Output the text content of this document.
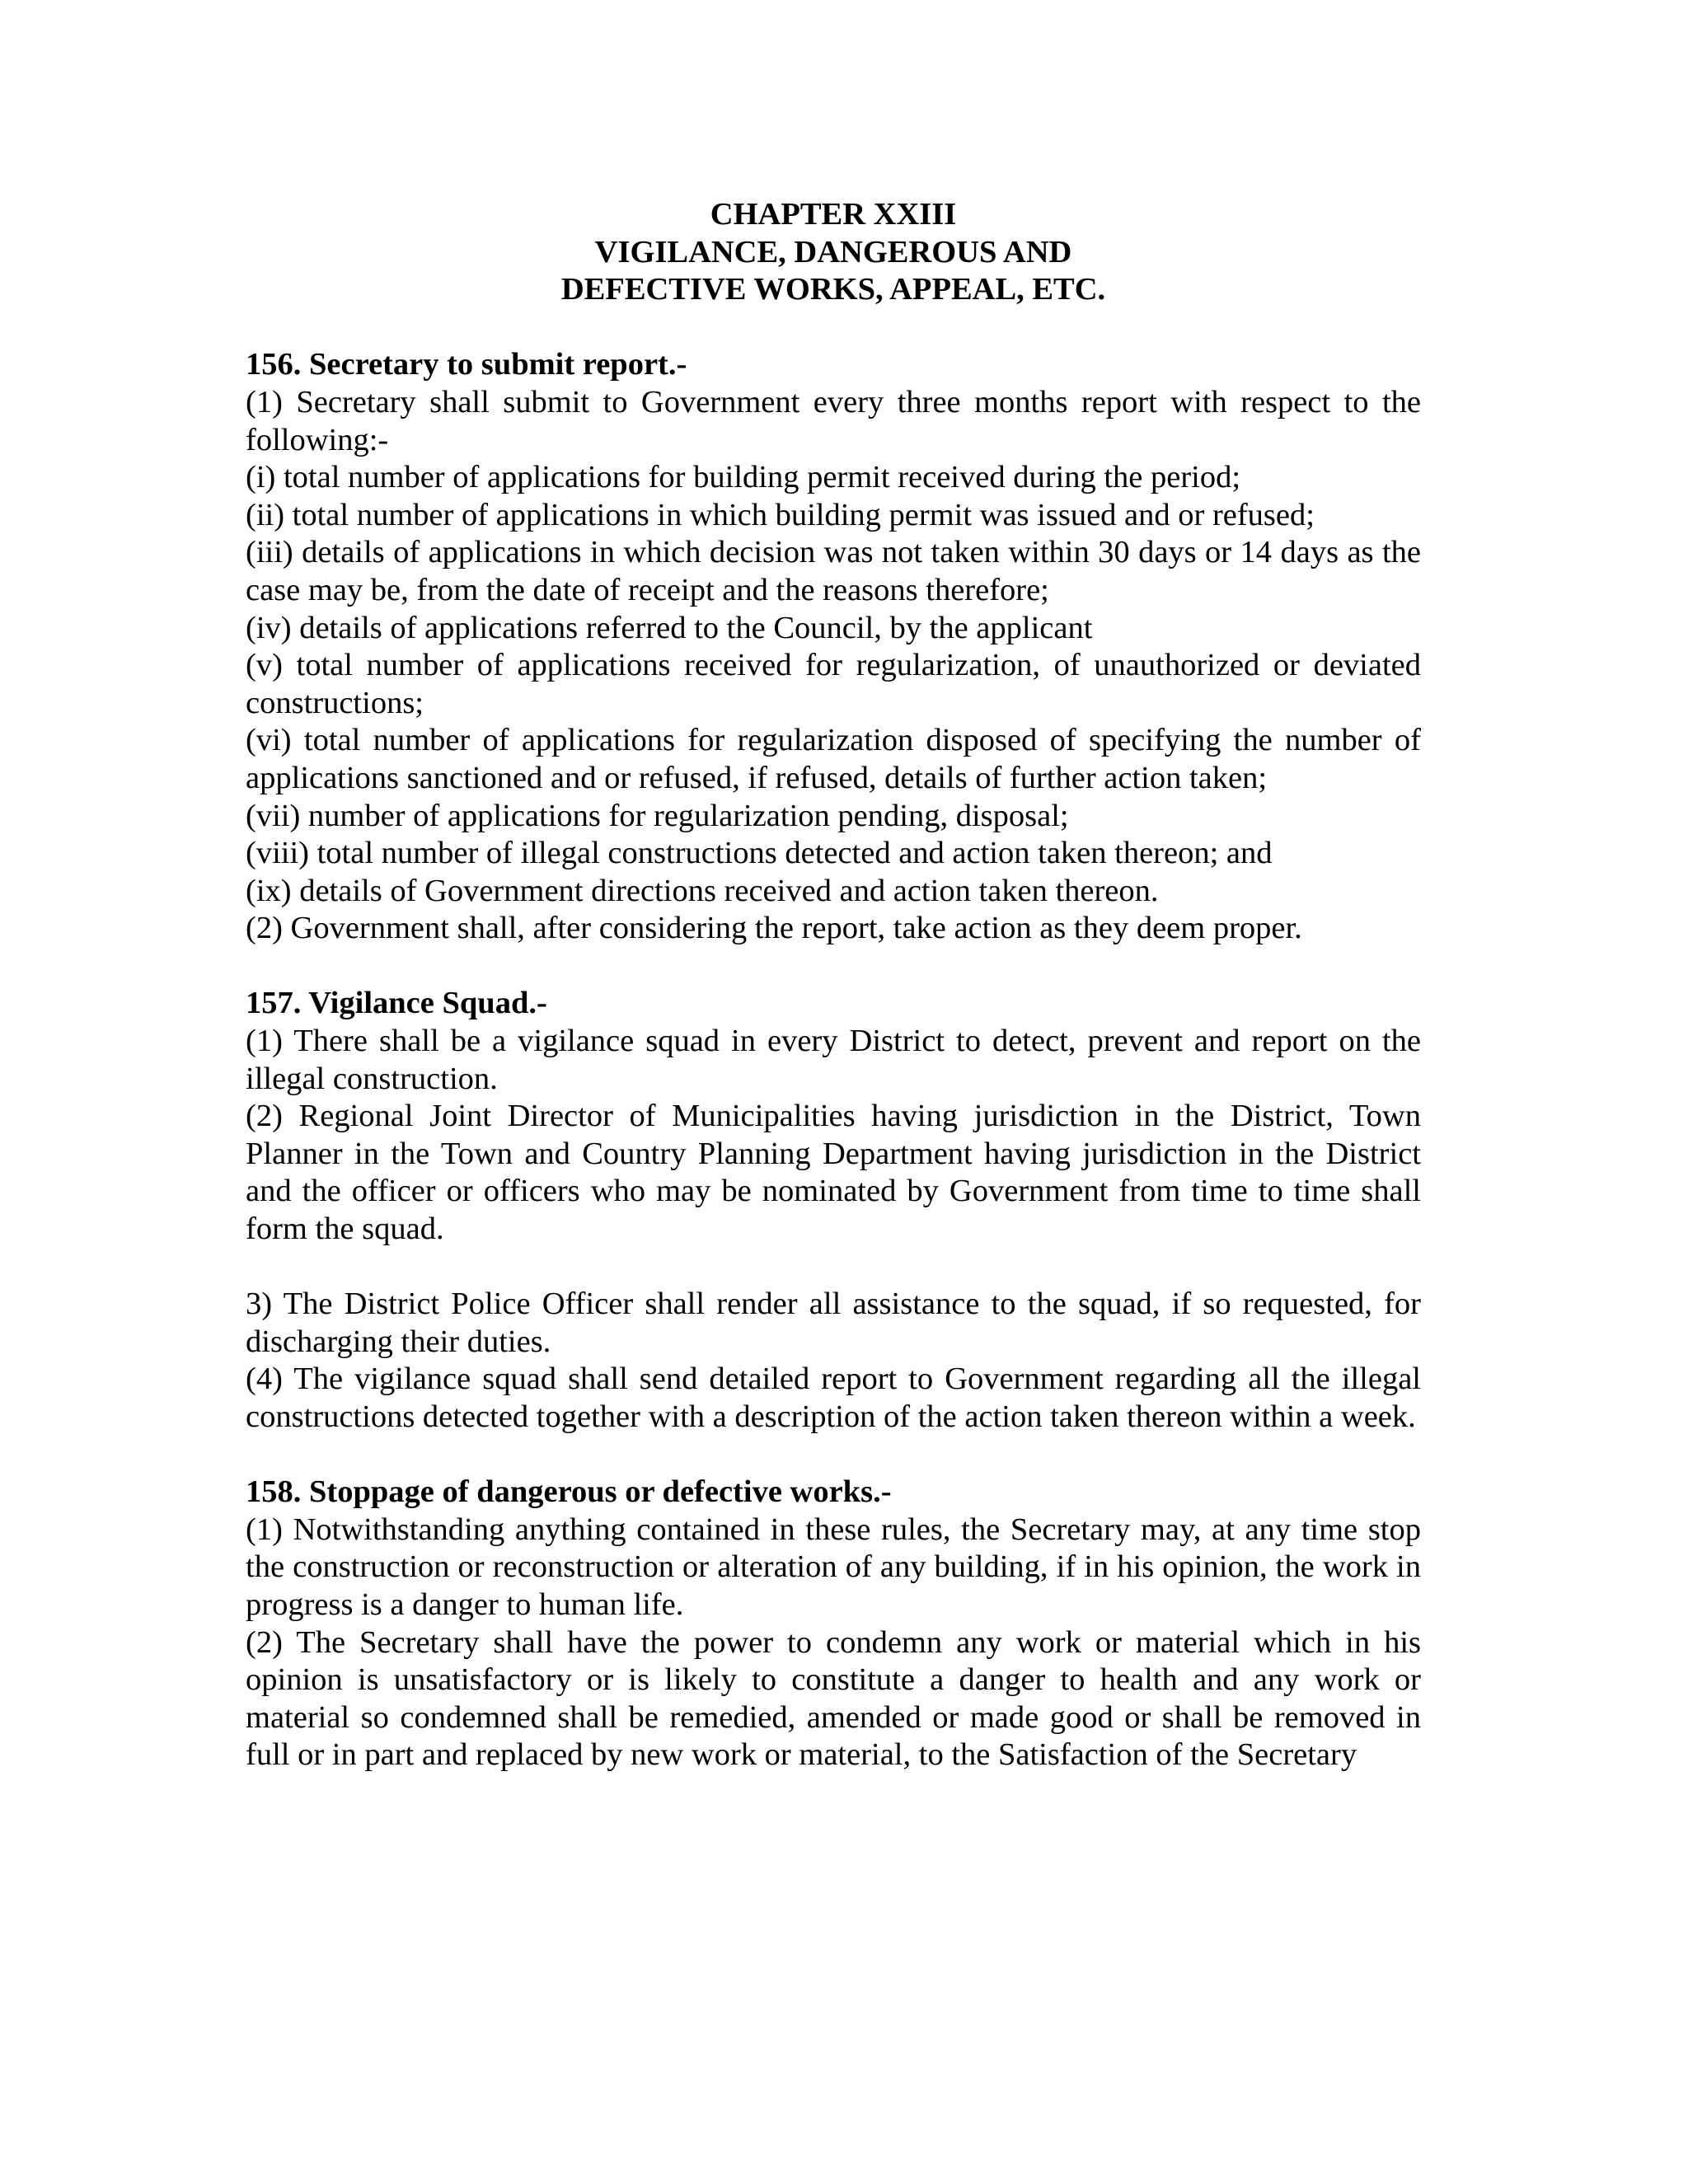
CHAPTER XXIII
VIGILANCE, DANGEROUS AND
DEFECTIVE WORKS, APPEAL, ETC.
156. Secretary to submit report.-

(1) Secretary shall submit to Government every three months report with respect to the following:-

(i) total number of applications for building permit received during the period;

(ii) total number of applications in which building permit was issued and or refused;

(iii) details of applications in which decision was not taken within 30 days or 14 days as the case may be, from the date of receipt and the reasons therefore;

(iv) details of applications referred to the Council, by the applicant

(v) total number of applications received for regularization, of unauthorized or deviated constructions;

(vi) total number of applications for regularization disposed of specifying the number of applications sanctioned and or refused, if refused, details of further action taken;

(vii) number of applications for regularization pending, disposal;

(viii) total number of illegal constructions detected and action taken thereon; and

(ix) details of Government directions received and action taken thereon.

(2) Government shall, after considering the report, take action as they deem proper.

157. Vigilance Squad.-

(1) There shall be a vigilance squad in every District to detect, prevent and report on the illegal construction.

(2) Regional Joint Director of Municipalities having jurisdiction in the District, Town Planner in the Town and Country Planning Department having jurisdiction in the District and the officer or officers who may be nominated by Government from time to time shall form the squad.

3) The District Police Officer shall render all assistance to the squad, if so requested, for discharging their duties.

(4) The vigilance squad shall send detailed report to Government regarding all the illegal constructions detected together with a description of the action taken thereon within a week.

158. Stoppage of dangerous or defective works.-

(1) Notwithstanding anything contained in these rules, the Secretary may, at any time stop the construction or reconstruction or alteration of any building, if in his opinion, the work in progress is a danger to human life.

(2) The Secretary shall have the power to condemn any work or material which in his opinion is unsatisfactory or is likely to constitute a danger to health and any work or material so condemned shall be remedied, amended or made good or shall be removed in full or in part and replaced by new work or material, to the Satisfaction of the Secretary
